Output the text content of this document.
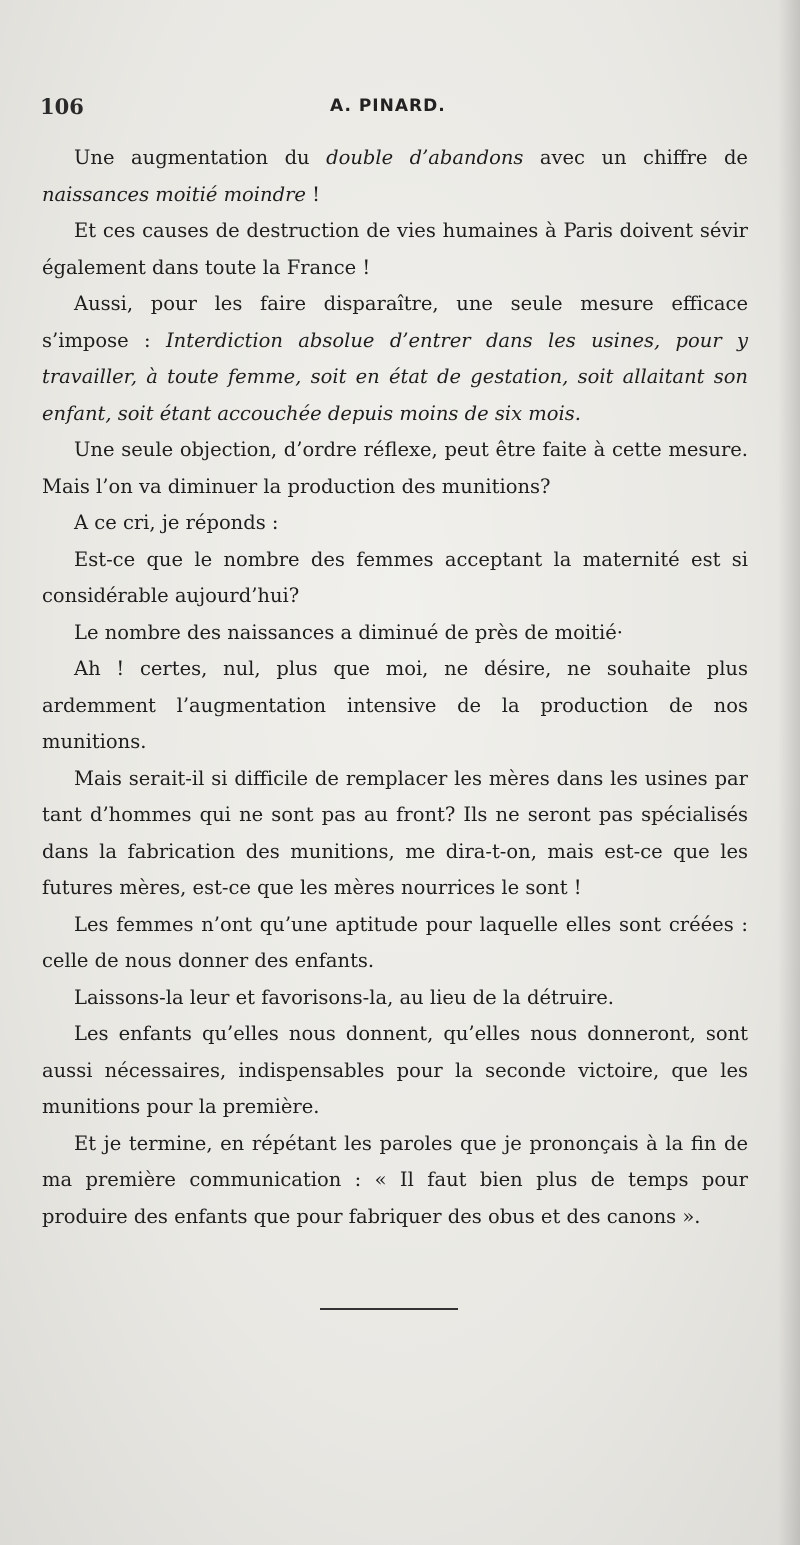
106	A. PINARD.

Une augmentation du double d’abandons avec un chiffre de naissances moitié moindre !

Et ces causes de destruction de vies humaines à Paris doivent sévir également dans toute la France !

Aussi, pour les faire disparaître, une seule mesure efficace s’impose : Interdiction absolue d’entrer dans les usines, pour y travailler, à toute femme, soit en état de gestation, soit allaitant son enfant, soit étant accouchée depuis moins de six mois.

Une seule objection, d’ordre réflexe, peut être faite à cette mesure. Mais l’on va diminuer la production des munitions?

A ce cri, je réponds :

Est-ce que le nombre des femmes acceptant la maternité est si considérable aujourd’hui?

Le nombre des naissances a diminué de près de moitié·

Ah ! certes, nul, plus que moi, ne désire, ne souhaite plus ardemment l’augmentation intensive de la production de nos munitions.

Mais serait-il si difficile de remplacer les mères dans les usines par tant d’hommes qui ne sont pas au front? Ils ne seront pas spécialisés dans la fabrication des munitions, me dira-t-on, mais est-ce que les futures mères, est-ce que les mères nourrices le sont !

Les femmes n’ont qu’une aptitude pour laquelle elles sont créées : celle de nous donner des enfants.

Laissons-la leur et favorisons-la, au lieu de la détruire.

Les enfants qu’elles nous donnent, qu’elles nous donneront, sont aussi nécessaires, indispensables pour la seconde victoire, que les munitions pour la première.

Et je termine, en répétant les paroles que je prononçais à la fin de ma première communication : « Il faut bien plus de temps pour produire des enfants que pour fabriquer des obus et des canons ».
